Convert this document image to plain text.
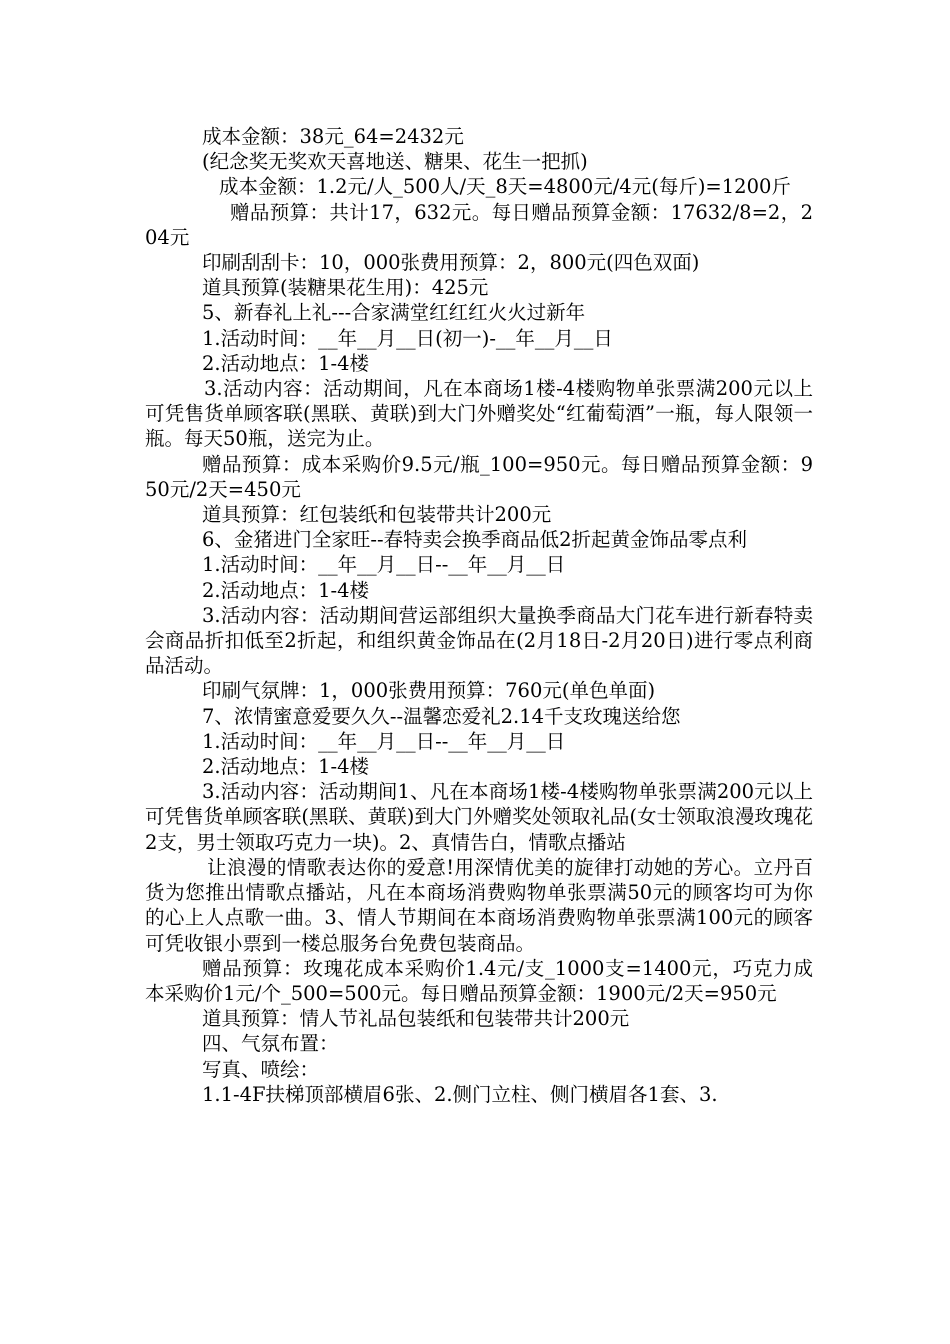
成本金额：38元_64=2432元

(纪念奖无奖欢天喜地送、糖果、花生一把抓)

成本金额：1.2元/人_500人/天_8天=4800元/4元(每斤)=1200斤

赠品预算：共计17，632元。每日赠品预算金额：17632/8=2，204元

印刷刮刮卡：10，000张费用预算：2，800元(四色双面)

道具预算(装糖果花生用)：425元

5、新春礼上礼---合家满堂红红红火火过新年

1.活动时间：__年__月__日(初一)-__年__月__日

2.活动地点：1-4楼

3.活动内容：活动期间，凡在本商场1楼-4楼购物单张票满200元以上可凭售货单顾客联(黑联、黄联)到大门外赠奖处“红葡萄酒”一瓶，每人限领一瓶。每天50瓶，送完为止。

赠品预算：成本采购价9.5元/瓶_100=950元。每日赠品预算金额：950元/2天=450元

道具预算：红包装纸和包装带共计200元

6、金猪进门全家旺--春特卖会换季商品低2折起黄金饰品零点利

1.活动时间：__年__月__日--__年__月__日

2.活动地点：1-4楼

3.活动内容：活动期间营运部组织大量换季商品大门花车进行新春特卖会商品折扣低至2折起，和组织黄金饰品在(2月18日-2月20日)进行零点利商品活动。

印刷气氛牌：1，000张费用预算：760元(单色单面)

7、浓情蜜意爱要久久--温馨恋爱礼2.14千支玫瑰送给您

1.活动时间：__年__月__日--__年__月__日

2.活动地点：1-4楼

3.活动内容：活动期间1、凡在本商场1楼-4楼购物单张票满200元以上可凭售货单顾客联(黑联、黄联)到大门外赠奖处领取礼品(女士领取浪漫玫瑰花2支，男士领取巧克力一块)。2、真情告白，情歌点播站

让浪漫的情歌表达你的爱意!用深情优美的旋律打动她的芳心。立丹百货为您推出情歌点播站，凡在本商场消费购物单张票满50元的顾客均可为你的心上人点歌一曲。3、情人节期间在本商场消费购物单张票满100元的顾客可凭收银小票到一楼总服务台免费包装商品。

赠品预算：玫瑰花成本采购价1.4元/支_1000支=1400元，巧克力成本采购价1元/个_500=500元。每日赠品预算金额：1900元/2天=950元

道具预算：情人节礼品包装纸和包装带共计200元

四、气氛布置：

写真、喷绘：

1.1-4F扶梯顶部横眉6张、2.侧门立柱、侧门横眉各1套、3.
